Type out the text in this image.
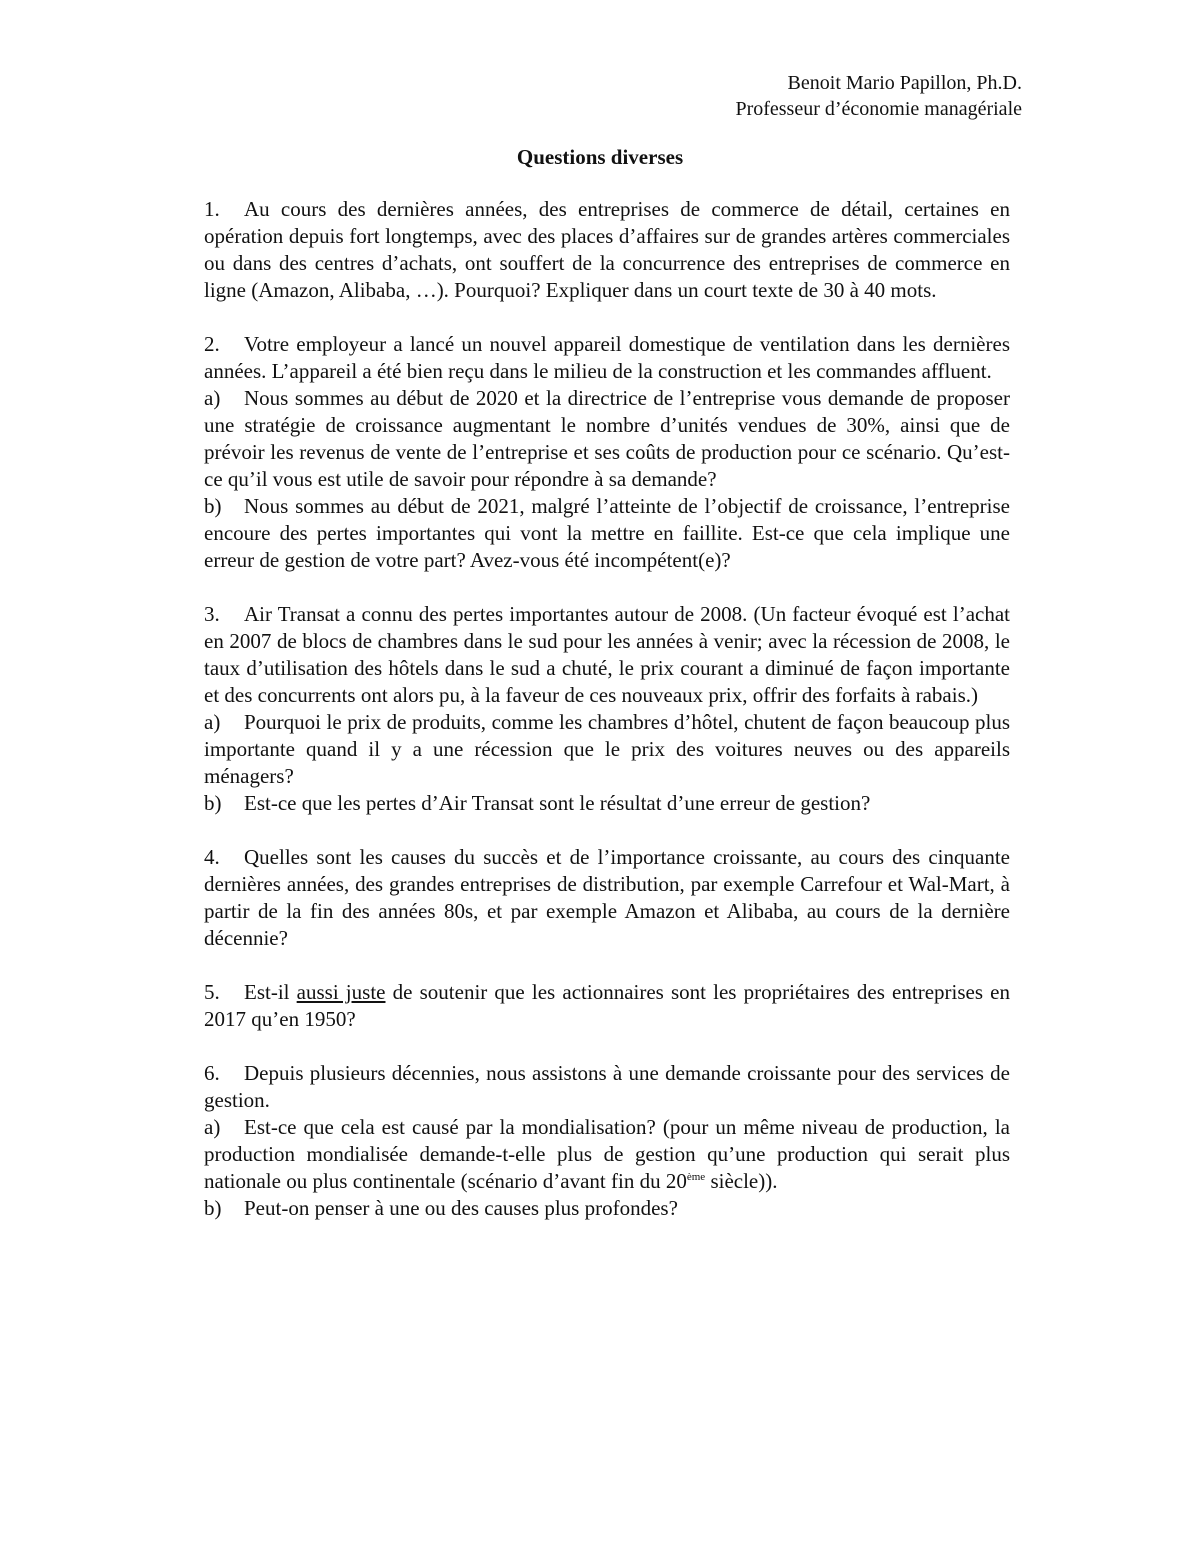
Benoit Mario Papillon, Ph.D.
Professeur d’économie managériale
Questions diverses

1. Au cours des dernières années, des entreprises de commerce de détail, certaines en opération depuis fort longtemps, avec des places d’affaires sur de grandes artères commerciales ou dans des centres d’achats, ont souffert de la concurrence des entreprises de commerce en ligne (Amazon, Alibaba, …). Pourquoi? Expliquer dans un court texte de 30 à 40 mots.

2. Votre employeur a lancé un nouvel appareil domestique de ventilation dans les dernières années. L’appareil a été bien reçu dans le milieu de la construction et les commandes affluent.

a) Nous sommes au début de 2020 et la directrice de l’entreprise vous demande de proposer une stratégie de croissance augmentant le nombre d’unités vendues de 30%, ainsi que de prévoir les revenus de vente de l’entreprise et ses coûts de production pour ce scénario. Qu’est-ce qu’il vous est utile de savoir pour répondre à sa demande?

b) Nous sommes au début de 2021, malgré l’atteinte de l’objectif de croissance, l’entreprise encoure des pertes importantes qui vont la mettre en faillite. Est-ce que cela implique une erreur de gestion de votre part? Avez-vous été incompétent(e)?

3. Air Transat a connu des pertes importantes autour de 2008. (Un facteur évoqué est l’achat en 2007 de blocs de chambres dans le sud pour les années à venir; avec la récession de 2008, le taux d’utilisation des hôtels dans le sud a chuté, le prix courant a diminué de façon importante et des concurrents ont alors pu, à la faveur de ces nouveaux prix, offrir des forfaits à rabais.)

a) Pourquoi le prix de produits, comme les chambres d’hôtel, chutent de façon beaucoup plus importante quand il y a une récession que le prix des voitures neuves ou des appareils ménagers?

b) Est-ce que les pertes d’Air Transat sont le résultat d’une erreur de gestion?

4. Quelles sont les causes du succès et de l’importance croissante, au cours des cinquante dernières années, des grandes entreprises de distribution, par exemple Carrefour et Wal-Mart, à partir de la fin des années 80s, et par exemple Amazon et Alibaba, au cours de la dernière décennie?

5. Est-il aussi juste de soutenir que les actionnaires sont les propriétaires des entreprises en 2017 qu’en 1950?

6. Depuis plusieurs décennies, nous assistons à une demande croissante pour des services de gestion.

a) Est-ce que cela est causé par la mondialisation? (pour un même niveau de production, la production mondialisée demande-t-elle plus de gestion qu’une production qui serait plus nationale ou plus continentale (scénario d’avant fin du 20ème siècle)).

b) Peut-on penser à une ou des causes plus profondes?
